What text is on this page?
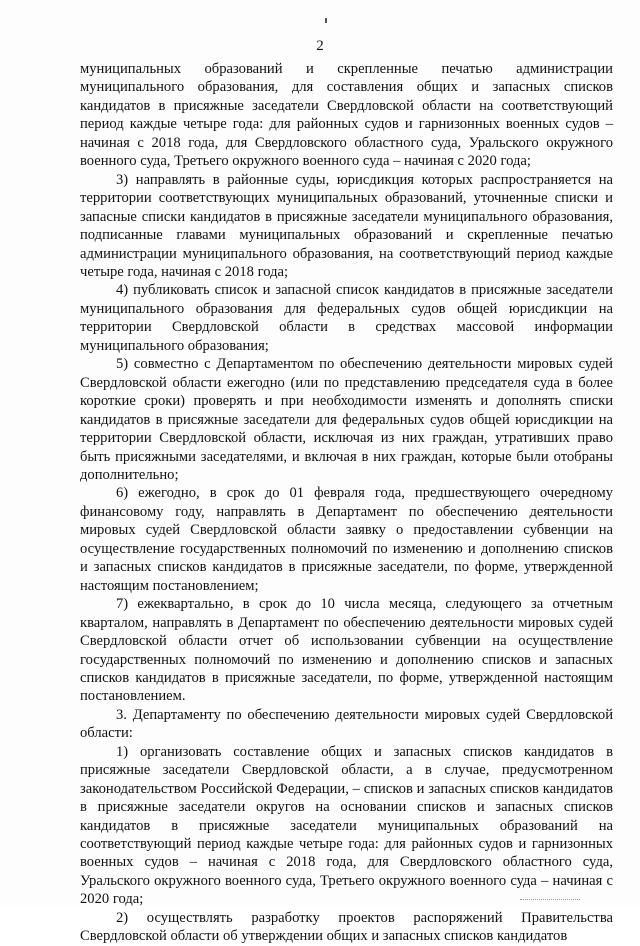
2

муниципальных образований и скрепленные печатью администрации муниципального образования, для составления общих и запасных списков кандидатов в присяжные заседатели Свердловской области на соответствующий период каждые четыре года: для районных судов и гарнизонных военных судов – начиная с 2018 года, для Свердловского областного суда, Уральского окружного военного суда, Третьего окружного военного суда – начиная с 2020 года;

3) направлять в районные суды, юрисдикция которых распространяется на территории соответствующих муниципальных образований, уточненные списки и запасные списки кандидатов в присяжные заседатели муниципального образования, подписанные главами муниципальных образований и скрепленные печатью администрации муниципального образования, на соответствующий период каждые четыре года, начиная с 2018 года;

4) публиковать список и запасной список кандидатов в присяжные заседатели муниципального образования для федеральных судов общей юрисдикции на территории Свердловской области в средствах массовой информации муниципального образования;

5) совместно с Департаментом по обеспечению деятельности мировых судей Свердловской области ежегодно (или по представлению председателя суда в более короткие сроки) проверять и при необходимости изменять и дополнять списки кандидатов в присяжные заседатели для федеральных судов общей юрисдикции на территории Свердловской области, исключая из них граждан, утративших право быть присяжными заседателями, и включая в них граждан, которые были отобраны дополнительно;

6) ежегодно, в срок до 01 февраля года, предшествующего очередному финансовому году, направлять в Департамент по обеспечению деятельности мировых судей Свердловской области заявку о предоставлении субвенции на осуществление государственных полномочий по изменению и дополнению списков и запасных списков кандидатов в присяжные заседатели, по форме, утвержденной настоящим постановлением;

7) ежеквартально, в срок до 10 числа месяца, следующего за отчетным кварталом, направлять в Департамент по обеспечению деятельности мировых судей Свердловской области отчет об использовании субвенции на осуществление государственных полномочий по изменению и дополнению списков и запасных списков кандидатов в присяжные заседатели, по форме, утвержденной настоящим постановлением.

3. Департаменту по обеспечению деятельности мировых судей Свердловской области:

1) организовать составление общих и запасных списков кандидатов в присяжные заседатели Свердловской области, а в случае, предусмотренном законодательством Российской Федерации, – списков и запасных списков кандидатов в присяжные заседатели округов на основании списков и запасных списков кандидатов в присяжные заседатели муниципальных образований на соответствующий период каждые четыре года: для районных судов и гарнизонных военных судов – начиная с 2018 года, для Свердловского областного суда, Уральского окружного военного суда, Третьего окружного военного суда – начиная с 2020 года;

2) осуществлять разработку проектов распоряжений Правительства Свердловской области об утверждении общих и запасных списков кандидатов
